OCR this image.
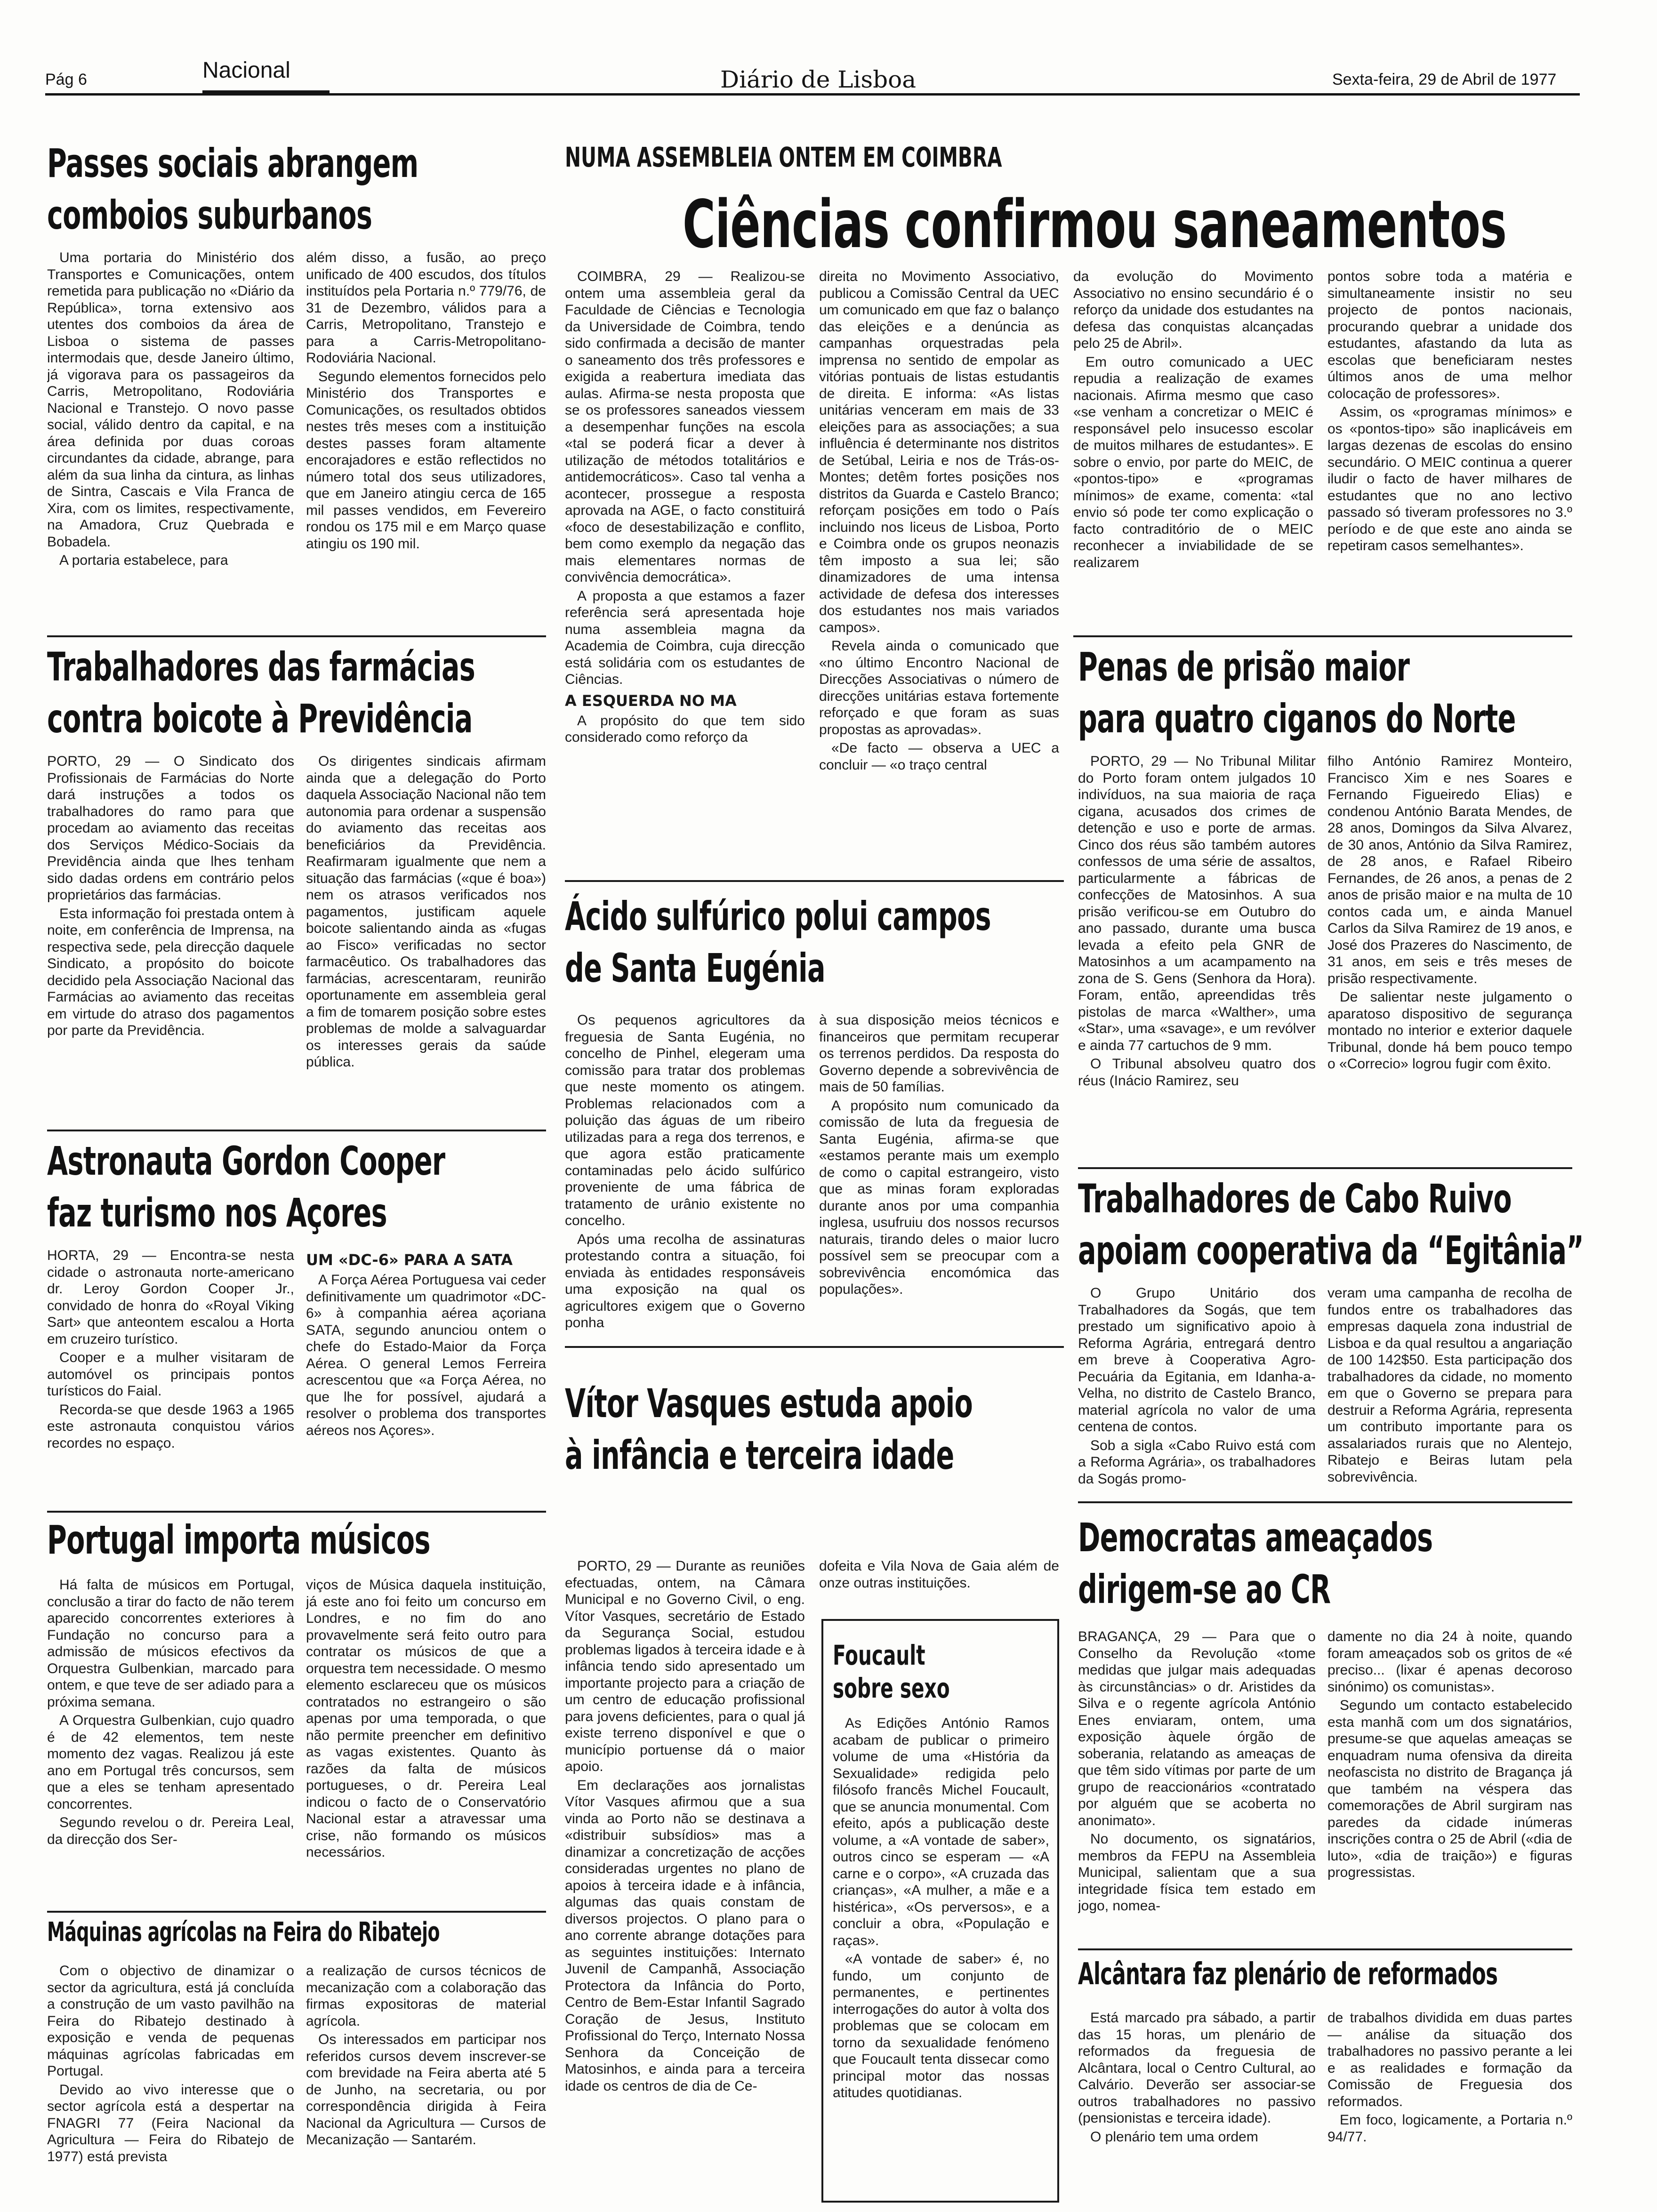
Pág 6	Nacional	Diário de Lisboa	Sexta-feira, 29 de Abril de 1977
Passes sociais abrangem
comboios suburbanos

Uma portaria do Ministério dos Transportes e Comunicações, ontem remetida para publicação no «Diário da República», torna extensivo aos utentes dos comboios da área de Lisboa o sistema de passes intermodais que, desde Janeiro último, já vigorava para os passageiros da Carris, Metropolitano, Rodoviária Nacional e Transtejo. O novo passe social, válido dentro da capital, e na área definida por duas coroas circundantes da cidade, abrange, para além da sua linha da cintura, as linhas de Sintra, Cascais e Vila Franca de Xira, com os limites, respectivamente, na Amadora, Cruz Quebrada e Bobadela.

A portaria estabelece, para

além disso, a fusão, ao preço unificado de 400 escudos, dos títulos instituídos pela Portaria n.º 779/76, de 31 de Dezembro, válidos para a Carris, Metropolitano, Transtejo e para a Carris-Metropolitano-Rodoviária Nacional.

Segundo elementos fornecidos pelo Ministério dos Transportes e Comunicações, os resultados obtidos nestes três meses com a instituição destes passes foram altamente encorajadores e estão reflectidos no número total dos seus utilizadores, que em Janeiro atingiu cerca de 165 mil passes vendidos, em Fevereiro rondou os 175 mil e em Março quase atingiu os 190 mil.

NUMA ASSEMBLEIA ONTEM EM COIMBRA
Ciências confirmou saneamentos

COIMBRA, 29 — Realizou-se ontem uma assembleia geral da Faculdade de Ciências e Tecnologia da Universidade de Coimbra, tendo sido confirmada a decisão de manter o saneamento dos três professores e exigida a reabertura imediata das aulas. Afirma-se nesta proposta que se os professores saneados viessem a desempenhar funções na escola «tal se poderá ficar a dever à utilização de métodos totalitários e antidemocráticos». Caso tal venha a acontecer, prossegue a resposta aprovada na AGE, o facto constituirá «foco de desestabilização e conflito, bem como exemplo da negação das mais elementares normas de convivência democrática».

A proposta a que estamos a fazer referência será apresentada hoje numa assembleia magna da Academia de Coimbra, cuja direcção está solidária com os estudantes de Ciências.

A ESQUERDA NO MA

A propósito do que tem sido considerado como reforço da

direita no Movimento Associativo, publicou a Comissão Central da UEC um comunicado em que faz o balanço das eleições e a denúncia as campanhas orquestradas pela imprensa no sentido de empolar as vitórias pontuais de listas estudantis de direita. E informa: «As listas unitárias venceram em mais de 33 eleições para as associações; a sua influência é determinante nos distritos de Setúbal, Leiria e nos de Trás-os-Montes; detêm fortes posições nos distritos da Guarda e Castelo Branco; reforçam posições em todo o País incluindo nos liceus de Lisboa, Porto e Coimbra onde os grupos neonazis têm imposto a sua lei; são dinamizadores de uma intensa actividade de defesa dos interesses dos estudantes nos mais variados campos».

Revela ainda o comunicado que «no último Encontro Nacional de Direcções Associativas o número de direcções unitárias estava fortemente reforçado e que foram as suas propostas as aprovadas».

«De facto — observa a UEC a concluir — «o traço central

da evolução do Movimento Associativo no ensino secundário é o reforço da unidade dos estudantes na defesa das conquistas alcançadas pelo 25 de Abril».

Em outro comunicado a UEC repudia a realização de exames nacionais. Afirma mesmo que caso «se venham a concretizar o MEIC é responsável pelo insucesso escolar de muitos milhares de estudantes». E sobre o envio, por parte do MEIC, de «pontos-tipo» e «programas mínimos» de exame, comenta: «tal envio só pode ter como explicação o facto contraditório de o MEIC reconhecer a inviabilidade de se realizarem

pontos sobre toda a matéria e simultaneamente insistir no seu projecto de pontos nacionais, procurando quebrar a unidade dos estudantes, afastando da luta as escolas que beneficiaram nestes últimos anos de uma melhor colocação de professores».

Assim, os «programas mínimos» e os «pontos-tipo» são inaplicáveis em largas dezenas de escolas do ensino secundário. O MEIC continua a querer iludir o facto de haver milhares de estudantes que no ano lectivo passado só tiveram professores no 3.º período e de que este ano ainda se repetiram casos semelhantes».

Trabalhadores das farmácias
contra boicote à Previdência

PORTO, 29 — O Sindicato dos Profissionais de Farmácias do Norte dará instruções a todos os trabalhadores do ramo para que procedam ao aviamento das receitas dos Serviços Médico-Sociais da Previdência ainda que lhes tenham sido dadas ordens em contrário pelos proprietários das farmácias.

Esta informação foi prestada ontem à noite, em conferência de Imprensa, na respectiva sede, pela direcção daquele Sindicato, a propósito do boicote decidido pela Associação Nacional das Farmácias ao aviamento das receitas em virtude do atraso dos pagamentos por parte da Previdência.

Os dirigentes sindicais afirmam ainda que a delegação do Porto daquela Associação Nacional não tem autonomia para ordenar a suspensão do aviamento das receitas aos beneficiários da Previdência. Reafirmaram igualmente que nem a situação das farmácias («que é boa») nem os atrasos verificados nos pagamentos, justificam aquele boicote salientando ainda as «fugas ao Fisco» verificadas no sector farmacêutico. Os trabalhadores das farmácias, acrescentaram, reunirão oportunamente em assembleia geral a fim de tomarem posição sobre estes problemas de molde a salvaguardar os interesses gerais da saúde pública.

Astronauta Gordon Cooper
faz turismo nos Açores

HORTA, 29 — Encontra-se nesta cidade o astronauta norte-americano dr. Leroy Gordon Cooper Jr., convidado de honra do «Royal Viking Sart» que anteontem escalou a Horta em cruzeiro turístico.

Cooper e a mulher visitaram de automóvel os principais pontos turísticos do Faial.

Recorda-se que desde 1963 a 1965 este astronauta conquistou vários recordes no espaço.

UM «DC-6» PARA A SATA

A Força Aérea Portuguesa vai ceder definitivamente um quadrimotor «DC-6» à companhia aérea açoriana SATA, segundo anunciou ontem o chefe do Estado-Maior da Força Aérea. O general Lemos Ferreira acrescentou que «a Força Aérea, no que lhe for possível, ajudará a resolver o problema dos transportes aéreos nos Açores».

Ácido sulfúrico polui campos
de Santa Eugénia

Os pequenos agricultores da freguesia de Santa Eugénia, no concelho de Pinhel, elegeram uma comissão para tratar dos problemas que neste momento os atingem. Problemas relacionados com a poluição das águas de um ribeiro utilizadas para a rega dos terrenos, e que agora estão praticamente contaminadas pelo ácido sulfúrico proveniente de uma fábrica de tratamento de urânio existente no concelho.

Após uma recolha de assinaturas protestando contra a situação, foi enviada às entidades responsáveis uma exposição na qual os agricultores exigem que o Governo ponha

à sua disposição meios técnicos e financeiros que permitam recuperar os terrenos perdidos. Da resposta do Governo depende a sobrevivência de mais de 50 famílias.

A propósito num comunicado da comissão de luta da freguesia de Santa Eugénia, afirma-se que «estamos perante mais um exemplo de como o capital estrangeiro, visto que as minas foram exploradas durante anos por uma companhia inglesa, usufruiu dos nossos recursos naturais, tirando deles o maior lucro possível sem se preocupar com a sobrevivência encomómica das populações».

Penas de prisão maior
para quatro ciganos do Norte

PORTO, 29 — No Tribunal Militar do Porto foram ontem julgados 10 indivíduos, na sua maioria de raça cigana, acusados dos crimes de detenção e uso e porte de armas. Cinco dos réus são também autores confessos de uma série de assaltos, particularmente a fábricas de confecções de Matosinhos. A sua prisão verificou-se em Outubro do ano passado, durante uma busca levada a efeito pela GNR de Matosinhos a um acampamento na zona de S. Gens (Senhora da Hora). Foram, então, apreendidas três pistolas de marca «Walther», uma «Star», uma «savage», e um revólver e ainda 77 cartuchos de 9 mm.

O Tribunal absolveu quatro dos réus (Inácio Ramirez, seu

filho António Ramirez Monteiro, Francisco Xim e nes Soares e Fernando Figueiredo Elias) e condenou António Barata Mendes, de 28 anos, Domingos da Silva Alvarez, de 30 anos, António da Silva Ramirez, de 28 anos, e Rafael Ribeiro Fernandes, de 26 anos, a penas de 2 anos de prisão maior e na multa de 10 contos cada um, e ainda Manuel Carlos da Silva Ramirez de 19 anos, e José dos Prazeres do Nascimento, de 31 anos, em seis e três meses de prisão respectivamente.

De salientar neste julgamento o aparatoso dispositivo de segurança montado no interior e exterior daquele Tribunal, donde há bem pouco tempo o «Correcio» logrou fugir com êxito.

Trabalhadores de Cabo Ruivo
apoiam cooperativa da “Egitânia”

O Grupo Unitário dos Trabalhadores da Sogás, que tem prestado um significativo apoio à Reforma Agrária, entregará dentro em breve à Cooperativa Agro-Pecuária da Egitania, em Idanha-a-Velha, no distrito de Castelo Branco, material agrícola no valor de uma centena de contos.

Sob a sigla «Cabo Ruivo está com a Reforma Agrária», os trabalhadores da Sogás promo-

veram uma campanha de recolha de fundos entre os trabalhadores das empresas daquela zona industrial de Lisboa e da qual resultou a angariação de 100 142$50. Esta participação dos trabalhadores da cidade, no momento em que o Governo se prepara para destruir a Reforma Agrária, representa um contributo importante para os assalariados rurais que no Alentejo, Ribatejo e Beiras lutam pela sobrevivência.

Portugal importa músicos

Há falta de músicos em Portugal, conclusão a tirar do facto de não terem aparecido concorrentes exteriores à Fundação no concurso para a admissão de músicos efectivos da Orquestra Gulbenkian, marcado para ontem, e que teve de ser adiado para a próxima semana.

A Orquestra Gulbenkian, cujo quadro é de 42 elementos, tem neste momento dez vagas. Realizou já este ano em Portugal três concursos, sem que a eles se tenham apresentado concorrentes.

Segundo revelou o dr. Pereira Leal, da direcção dos Ser-

viços de Música daquela instituição, já este ano foi feito um concurso em Londres, e no fim do ano provavelmente será feito outro para contratar os músicos de que a orquestra tem necessidade. O mesmo elemento esclareceu que os músicos contratados no estrangeiro o são apenas por uma temporada, o que não permite preencher em definitivo as vagas existentes. Quanto às razões da falta de músicos portugueses, o dr. Pereira Leal indicou o facto de o Conservatório Nacional estar a atravessar uma crise, não formando os músicos necessários.

Máquinas agrícolas na Feira do Ribatejo

Com o objectivo de dinamizar o sector da agricultura, está já concluída a construção de um vasto pavilhão na Feira do Ribatejo destinado à exposição e venda de pequenas máquinas agrícolas fabricadas em Portugal.

Devido ao vivo interesse que o sector agrícola está a despertar na FNAGRI 77 (Feira Nacional da Agricultura — Feira do Ribatejo de 1977) está prevista

a realização de cursos técnicos de mecanização com a colaboração das firmas expositoras de material agrícola.

Os interessados em participar nos referidos cursos devem inscrever-se com brevidade na Feira aberta até 5 de Junho, na secretaria, ou por correspondência dirigida à Feira Nacional da Agricultura — Cursos de Mecanização — Santarém.

Vítor Vasques estuda apoio
à infância e terceira idade

PORTO, 29 — Durante as reuniões efectuadas, ontem, na Câmara Municipal e no Governo Civil, o eng. Vítor Vasques, secretário de Estado da Segurança Social, estudou problemas ligados à terceira idade e à infância tendo sido apresentado um importante projecto para a criação de um centro de educação profissional para jovens deficientes, para o qual já existe terreno disponível e que o município portuense dá o maior apoio.

Em declarações aos jornalistas Vítor Vasques afirmou que a sua vinda ao Porto não se destinava a «distribuir subsídios» mas a dinamizar a concretização de acções consideradas urgentes no plano de apoios à terceira idade e à infância, algumas das quais constam de diversos projectos. O plano para o ano corrente abrange dotações para as seguintes instituições: Internato Juvenil de Campanhã, Associação Protectora da Infância do Porto, Centro de Bem-Estar Infantil Sagrado Coração de Jesus, Instituto Profissional do Terço, Internato Nossa Senhora da Conceição de Matosinhos, e ainda para a terceira idade os centros de dia de Ce-

dofeita e Vila Nova de Gaia além de onze outras instituições.

Foucault
sobre sexo

As Edições António Ramos acabam de publicar o primeiro volume de uma «História da Sexualidade» redigida pelo filósofo francês Michel Foucault, que se anuncia monumental. Com efeito, após a publicação deste volume, a «A vontade de saber», outros cinco se esperam — «A carne e o corpo», «A cruzada das crianças», «A mulher, a mãe e a histérica», «Os perversos», e a concluir a obra, «População e raças».

«A vontade de saber» é, no fundo, um conjunto de permanentes, e pertinentes interrogações do autor à volta dos problemas que se colocam em torno da sexualidade fenómeno que Foucault tenta dissecar como principal motor das nossas atitudes quotidianas.

Democratas ameaçados
dirigem-se ao CR

BRAGANÇA, 29 — Para que o Conselho da Revolução «tome medidas que julgar mais adequadas às circunstâncias» o dr. Aristides da Silva e o regente agrícola António Enes enviaram, ontem, uma exposição àquele órgão de soberania, relatando as ameaças de que têm sido vítimas por parte de um grupo de reaccionários «contratado por alguém que se acoberta no anonimato».

No documento, os signatários, membros da FEPU na Assembleia Municipal, salientam que a sua integridade física tem estado em jogo, nomea-

damente no dia 24 à noite, quando foram ameaçados sob os gritos de «é preciso... (lixar é apenas decoroso sinónimo) os comunistas».

Segundo um contacto estabelecido esta manhã com um dos signatários, presume-se que aquelas ameaças se enquadram numa ofensiva da direita neofascista no distrito de Bragança já que também na véspera das comemorações de Abril surgiram nas paredes da cidade inúmeras inscrições contra o 25 de Abril («dia de luto», «dia de traição») e figuras progressistas.

Alcântara faz plenário de reformados

Está marcado pra sábado, a partir das 15 horas, um plenário de reformados da freguesia de Alcântara, local o Centro Cultural, ao Calvário. Deverão ser associar-se outros trabalhadores no passivo (pensionistas e terceira idade).

O plenário tem uma ordem

de trabalhos dividida em duas partes — análise da situação dos trabalhadores no passivo perante a lei e as realidades e formação da Comissão de Freguesia dos reformados.

Em foco, logicamente, a Portaria n.º 94/77.
